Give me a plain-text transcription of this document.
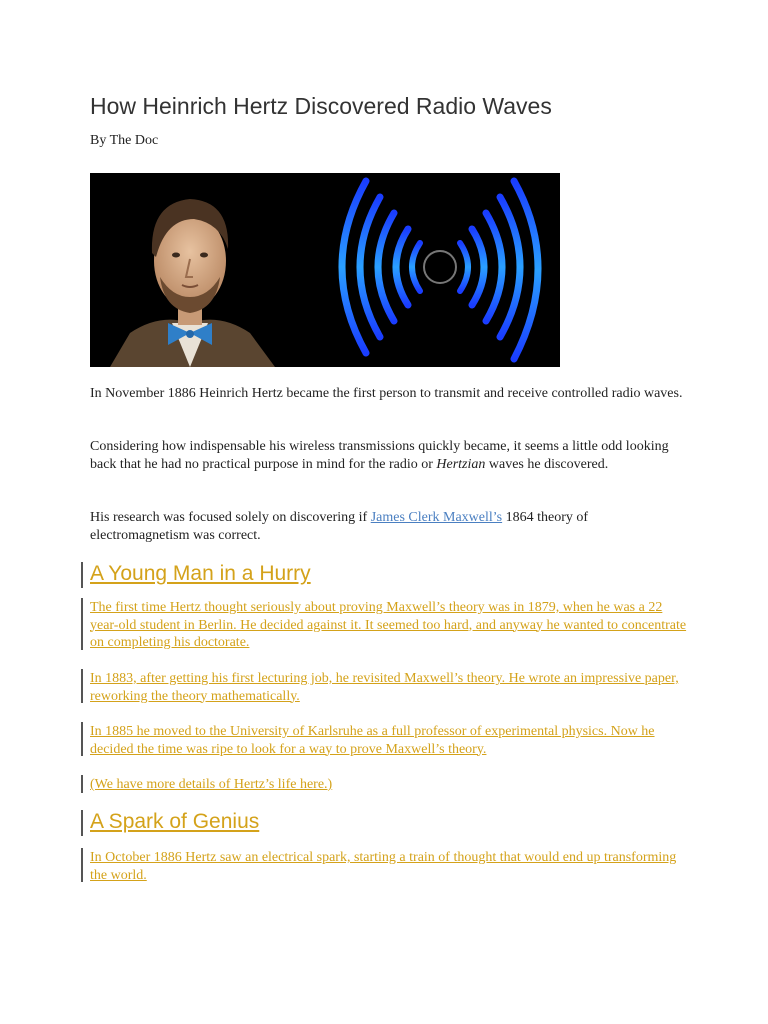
How Heinrich Hertz Discovered Radio Waves

By The Doc

In November 1886 Heinrich Hertz became the first person to transmit and receive controlled radio waves.

Considering how indispensable his wireless transmissions quickly became, it seems a little odd looking back that he had no practical purpose in mind for the radio or Hertzian waves he discovered.

His research was focused solely on discovering if James Clerk Maxwell’s 1864 theory of electromagnetism was correct.

A Young Man in a Hurry

The first time Hertz thought seriously about proving Maxwell’s theory was in 1879, when he was a 22 year-old student in Berlin. He decided against it. It seemed too hard, and anyway he wanted to concentrate on completing his doctorate.

In 1883, after getting his first lecturing job, he revisited Maxwell’s theory. He wrote an impressive paper, reworking the theory mathematically.

In 1885 he moved to the University of Karlsruhe as a full professor of experimental physics. Now he decided the time was ripe to look for a way to prove Maxwell’s theory.

(We have more details of Hertz’s life here.)

A Spark of Genius

In October 1886 Hertz saw an electrical spark, starting a train of thought that would end up transforming the world.
